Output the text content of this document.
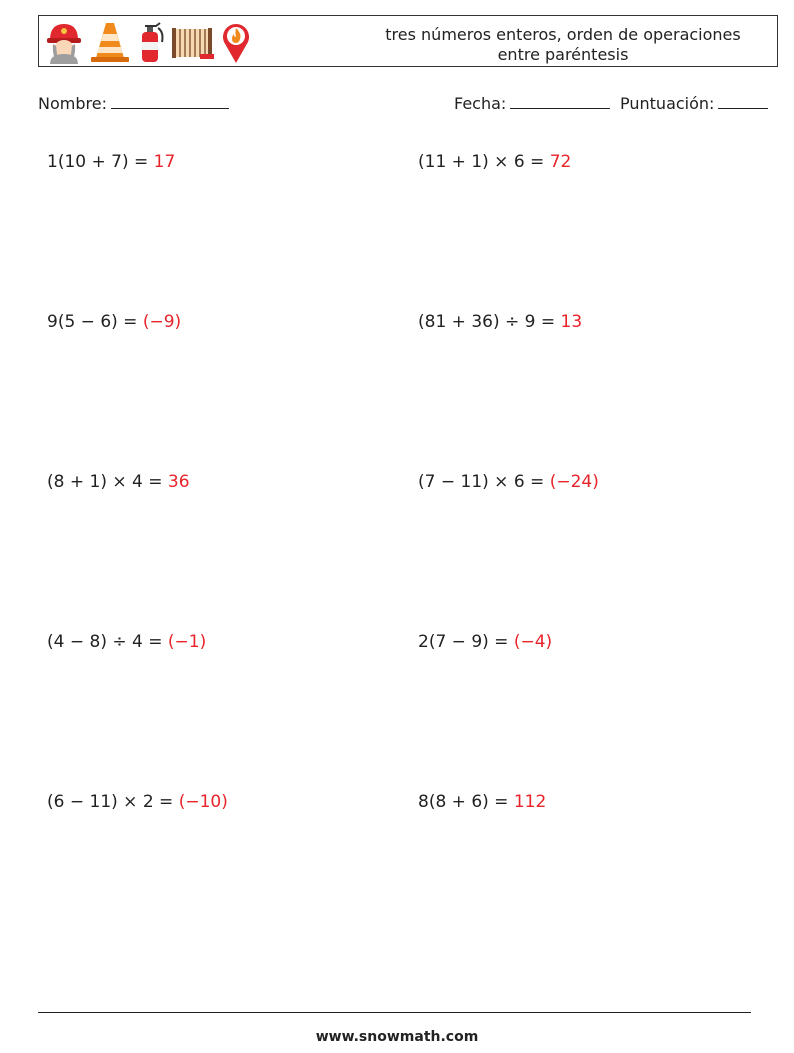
tres números enteros, orden de operaciones
entre paréntesis
Nombre:	Fecha:	Puntuación:
1(10 + 7) = 17	(11 + 1) × 6 = 72
9(5 − 6) = (−9)	(81 + 36) ÷ 9 = 13
(8 + 1) × 4 = 36	(7 − 11) × 6 = (−24)
(4 − 8) ÷ 4 = (−1)	2(7 − 9) = (−4)
(6 − 11) × 2 = (−10)	8(8 + 6) = 112
www.snowmath.com
